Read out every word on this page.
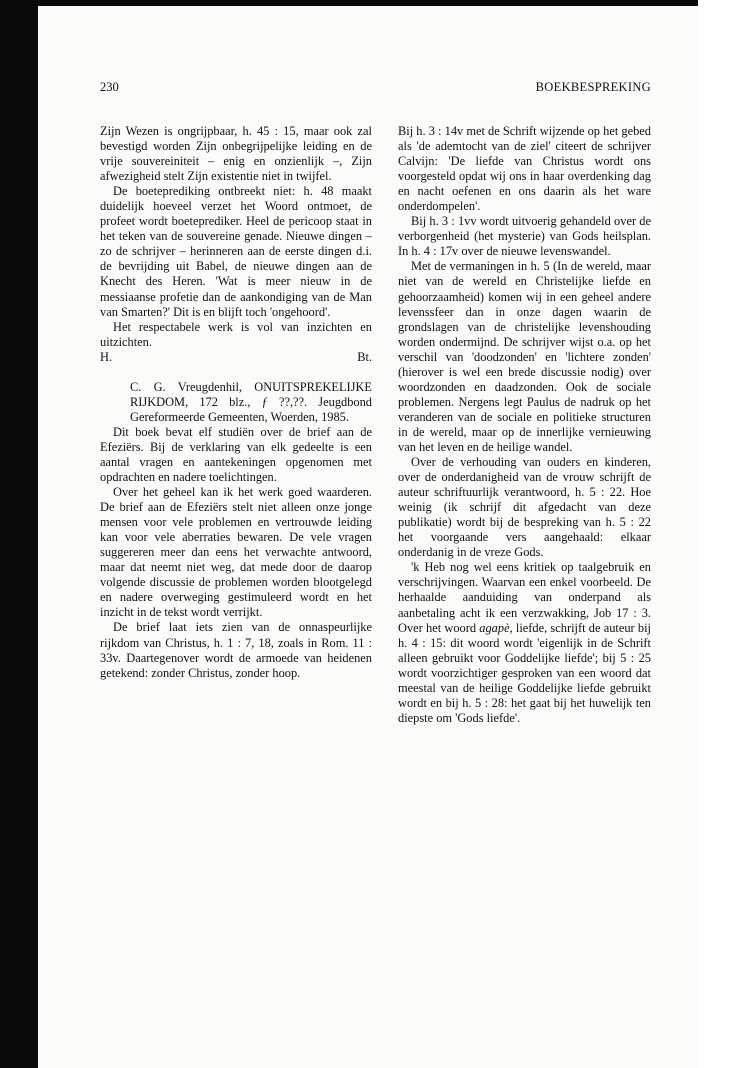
230	BOEKBESPREKING

Zijn Wezen is ongrijpbaar, h. 45 : 15, maar ook zal bevestigd worden Zijn onbegrijpelijke leiding en de vrije souvereiniteit – enig en onzienlijk –, Zijn afwezigheid stelt Zijn existentie niet in twijfel.

De boeteprediking ontbreekt niet: h. 48 maakt duidelijk hoeveel verzet het Woord ontmoet, de profeet wordt boeteprediker. Heel de pericoop staat in het teken van de souvereine genade. Nieuwe dingen – zo de schrijver – herinneren aan de eerste dingen d.i. de bevrijding uit Babel, de nieuwe dingen aan de Knecht des Heren. 'Wat is meer nieuw in de messiaanse profetie dan de aankondiging van de Man van Smarten?' Dit is en blijft toch 'ongehoord'.

Het respectabele werk is vol van inzichten en uitzichten.

H.	Bt.

C. G. Vreugdenhil, ONUITSPREKELIJKE RIJKDOM, 172 blz., ƒ ??,??. Jeugdbond Gereformeerde Gemeenten, Woerden, 1985.

Dit boek bevat elf studiën over de brief aan de Efeziërs. Bij de verklaring van elk gedeelte is een aantal vragen en aantekeningen opgenomen met opdrachten en nadere toelichtingen.

Over het geheel kan ik het werk goed waarderen. De brief aan de Efeziërs stelt niet alleen onze jonge mensen voor vele problemen en vertrouwde leiding kan voor vele aberraties bewaren. De vele vragen suggereren meer dan eens het verwachte antwoord, maar dat neemt niet weg, dat mede door de daarop volgende discussie de problemen worden blootgelegd en nadere overweging gestimuleerd wordt en het inzicht in de tekst wordt verrijkt.

De brief laat iets zien van de onnaspeurlijke rijkdom van Christus, h. 1 : 7, 18, zoals in Rom. 11 : 33v. Daartegenover wordt de armoede van heidenen getekend: zonder Christus, zonder hoop.

Bij h. 3 : 14v met de Schrift wijzende op het gebed als 'de ademtocht van de ziel' citeert de schrijver Calvijn: 'De liefde van Christus wordt ons voorgesteld opdat wij ons in haar overdenking dag en nacht oefenen en ons daarin als het ware onderdompelen'.

Bij h. 3 : 1vv wordt uitvoerig gehandeld over de verborgenheid (het mysterie) van Gods heilsplan. In h. 4 : 17v over de nieuwe levenswandel.

Met de vermaningen in h. 5 (In de wereld, maar niet van de wereld en Christelijke liefde en gehoorzaamheid) komen wij in een geheel andere levenssfeer dan in onze dagen waarin de grondslagen van de christelijke levenshouding worden ondermijnd. De schrijver wijst o.a. op het verschil van 'doodzonden' en 'lichtere zonden' (hierover is wel een brede discussie nodig) over woordzonden en daadzonden. Ook de sociale problemen. Nergens legt Paulus de nadruk op het veranderen van de sociale en politieke structuren in de wereld, maar op de innerlijke vernieuwing van het leven en de heilige wandel.

Over de verhouding van ouders en kinderen, over de onderdanigheid van de vrouw schrijft de auteur schriftuurlijk verantwoord, h. 5 : 22. Hoe weinig (ik schrijf dit afgedacht van deze publikatie) wordt bij de bespreking van h. 5 : 22 het voorgaande vers aangehaald: elkaar onderdanig in de vreze Gods.

'k Heb nog wel eens kritiek op taalgebruik en verschrijvingen. Waarvan een enkel voorbeeld. De herhaalde aanduiding van onderpand als aanbetaling acht ik een verzwakking, Job 17 : 3. Over het woord agapè, liefde, schrijft de auteur bij h. 4 : 15: dit woord wordt 'eigenlijk in de Schrift alleen gebruikt voor Goddelijke liefde'; bij 5 : 25 wordt voorzichtiger gesproken van een woord dat meestal van de heilige Goddelijke liefde gebruikt wordt en bij h. 5 : 28: het gaat bij het huwelijk ten diepste om 'Gods liefde'.
